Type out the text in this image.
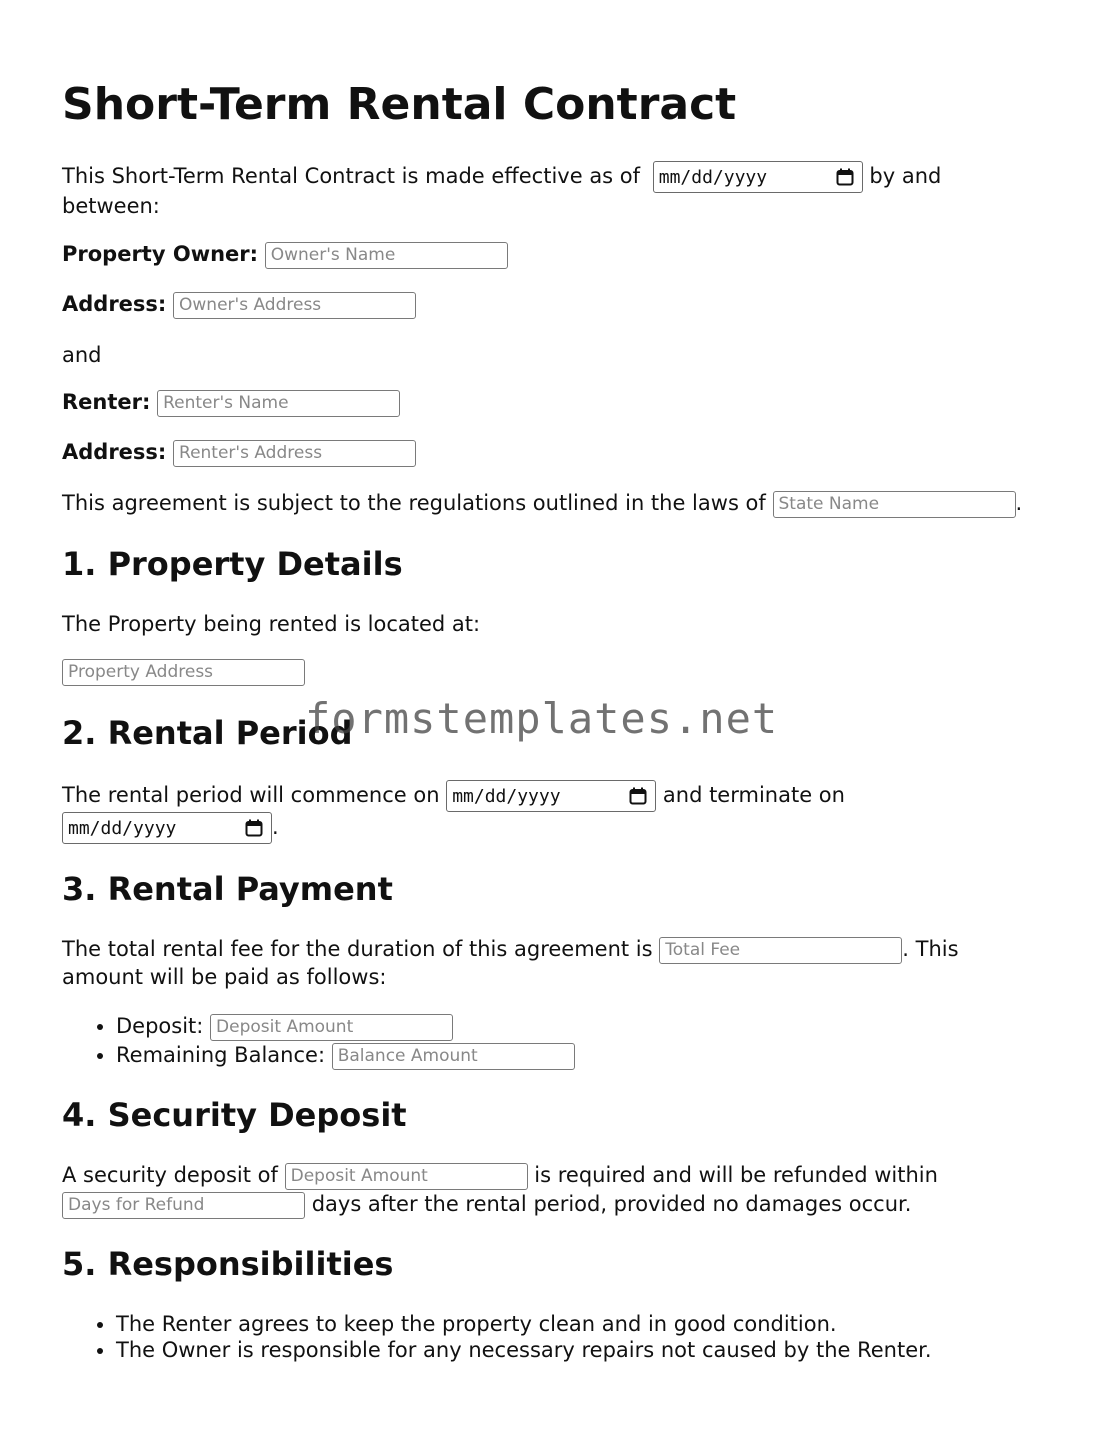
Short-Term Rental Contract

This Short-Term Rental Contract is made effective as of mm/dd/yyyy	by and

between:

Property Owner: Owner's Name

Address: Owner's Address

and

Renter: Renter's Name

Address: Renter's Address

This agreement is subject to the regulations outlined in the laws of State Name	.

1. Property Details

The Property being rented is located at:

Property Address
2. Rental Period
formstemplates.net

The rental period will commence on mm/dd/yyyy	and terminate on

mm/dd/yyyy	.

3. Rental Payment

The total rental fee for the duration of this agreement is Total Fee	. This

amount will be paid as follows:

• Deposit: Deposit Amount
• Remaining Balance: Balance Amount
4. Security Deposit

A security deposit of Deposit Amount	is required and will be refunded within

Days for Refund	days after the rental period, provided no damages occur.

5. Responsibilities
• The Renter agrees to keep the property clean and in good condition.
• The Owner is responsible for any necessary repairs not caused by the Renter.
